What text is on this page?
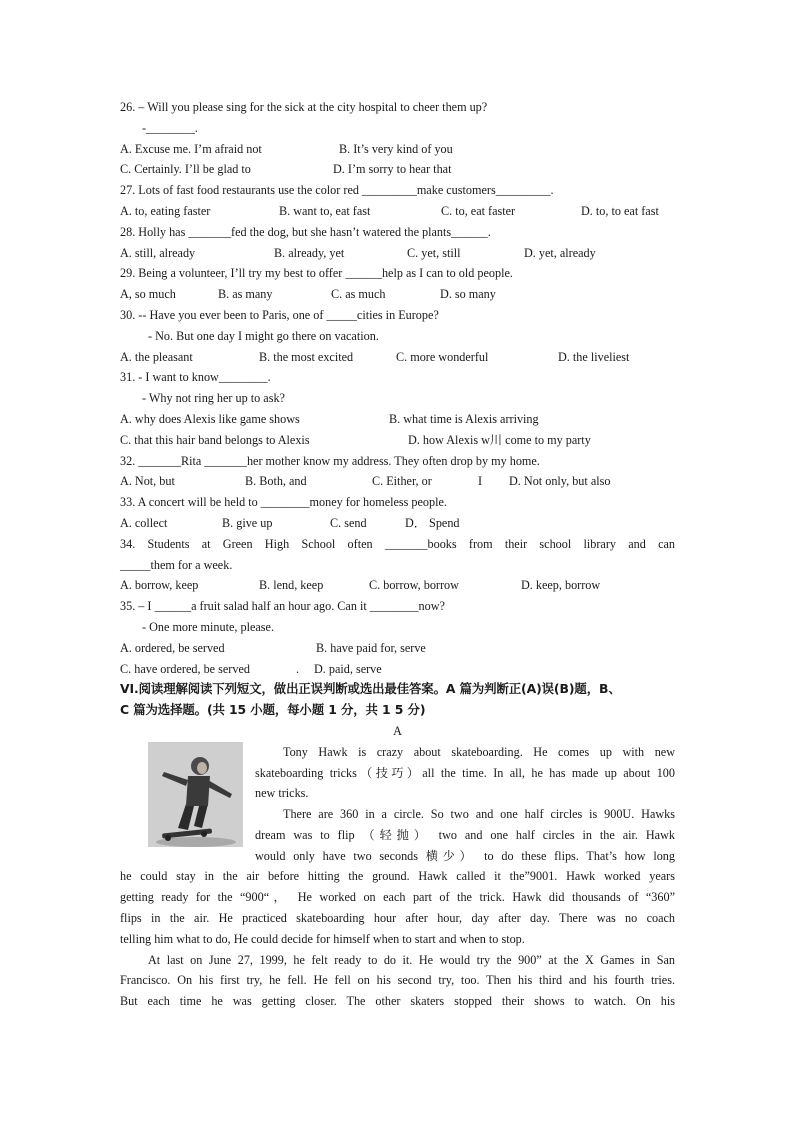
26. – Will you please sing for the sick at the city hospital to cheer them up?
-________.
A. Excuse me. I’m afraid not	B. It’s very kind of you
C. Certainly. I’ll be glad to	D. I’m sorry to hear that
27. Lots of fast food restaurants use the color red _________make customers_________.
A. to, eating faster	B. want to, eat fast	C. to, eat faster	D. to, to eat fast
28. Holly has _______fed the dog, but she hasn’t watered the plants______.
A. still, already	B. already, yet	C. yet, still	D. yet, already
29. Being a volunteer, I’ll try my best to offer ______help as I can to old people.
A, so much	B. as many	C. as much	D. so many
30. -- Have you ever been to Paris, one of _____cities in Europe?
- No. But one day I might go there on vacation.
A. the pleasant	B. the most excited	C. more wonderful	D. the liveliest
31. - I want to know________.
- Why not ring her up to ask?
A. why does Alexis like game shows	B. what time is Alexis arriving
C. that this hair band belongs to Alexis	D. how Alexis w川 come to my party
32. _______Rita _______her mother know my address. They often drop by my home.
A. Not, but	B. Both, and	C. Either, or	I D. Not only, but also
33. A concert will be held to ________money for homeless people.
A. collect	B. give up	C. send	D． Spend
34. Students at Green High School often _______books from their school library and can
_____them for a week.
A. borrow, keep	B. lend, keep	C. borrow, borrow	D. keep, borrow
35. – I ______a fruit salad half an hour ago. Can it ________now?
- One more minute, please.
A. ordered, be served	B. have paid for, serve
C. have ordered, be served	. D. paid, serve
VI.阅读理解阅读下列短文，做出正误判断或选出最佳答案。A 篇为判断正(A)误(B)题，B、
C 篇为选择题。(共 15 小题，每小题 1 分，共 1 5 分)
A
Tony Hawk is crazy about skateboarding. He comes up with new
skateboarding tricks（技巧）all the time. In all, he has made up about 100
new tricks.
There are 360 in a circle. So two and one half circles is 900U. Hawks
dream was to flip （轻抛） two and one half circles in the air. Hawk
would only have two seconds 横少） to do these flips. That’s how long
he could stay in the air before hitting the ground. Hawk called it the”9001. Hawk worked years
getting ready for the “900“， He worked on each part of the trick. Hawk did thousands of “360”
flips in the air. He practiced skateboarding hour after hour, day after day. There was no coach
telling him what to do, He could decide for himself when to start and when to stop.
At last on June 27, 1999, he felt ready to do it. He would try the 900” at the X Games in San
Francisco. On his first try, he fell. He fell on his second try, too. Then his third and his fourth tries.
But each time he was getting closer. The other skaters stopped their shows to watch. On his
